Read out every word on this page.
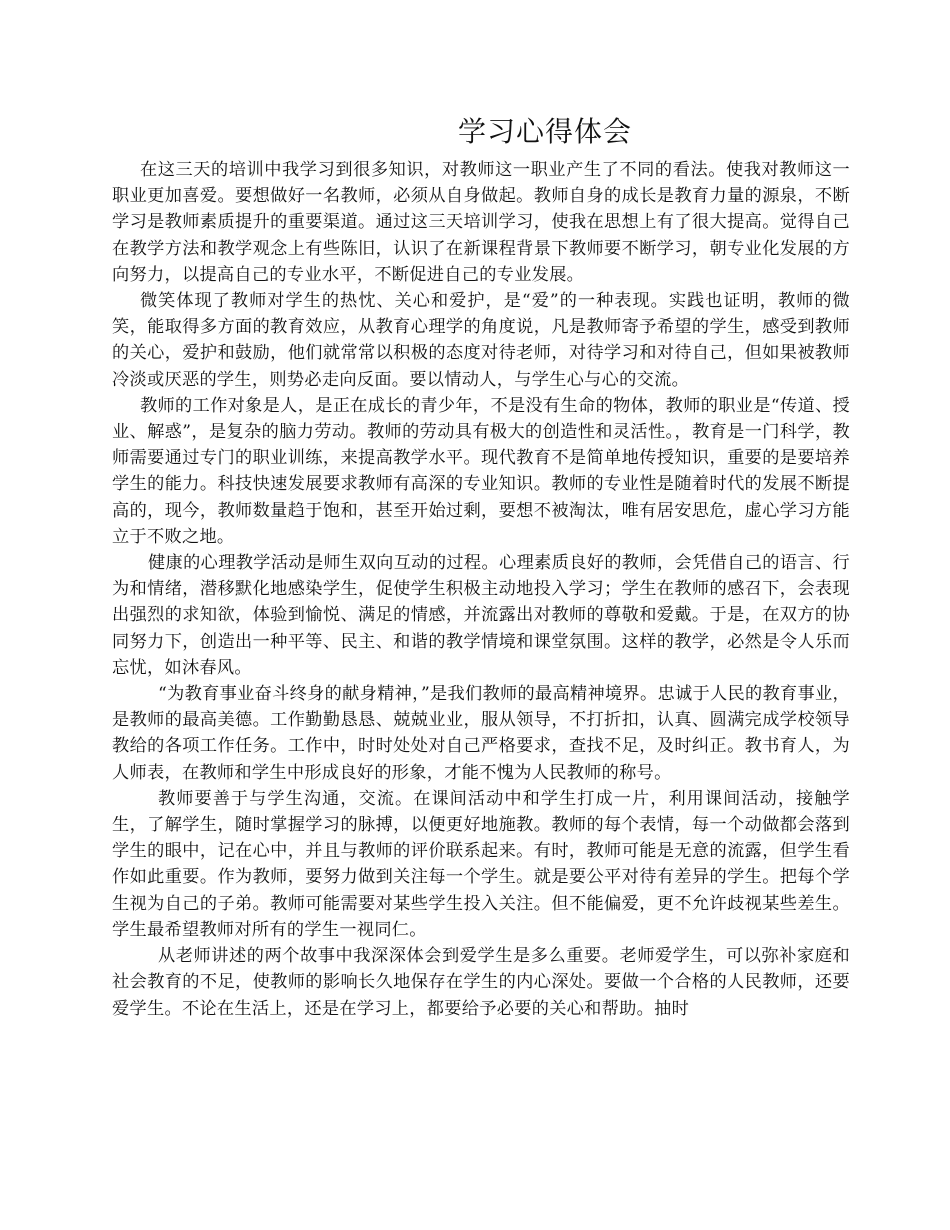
学习心得体会

在这三天的培训中我学习到很多知识，对教师这一职业产生了不同的看法。使我对教师这一职业更加喜爱。要想做好一名教师，必须从自身做起。教师自身的成长是教育力量的源泉，不断学习是教师素质提升的重要渠道。通过这三天培训学习，使我在思想上有了很大提高。觉得自己在教学方法和教学观念上有些陈旧，认识了在新课程背景下教师要不断学习，朝专业化发展的方向努力，以提高自己的专业水平，不断促进自己的专业发展。

微笑体现了教师对学生的热忱、关心和爱护，是“爱”的一种表现。实践也证明，教师的微笑，能取得多方面的教育效应，从教育心理学的角度说，凡是教师寄予希望的学生，感受到教师的关心，爱护和鼓励，他们就常常以积极的态度对待老师，对待学习和对待自己，但如果被教师冷淡或厌恶的学生，则势必走向反面。要以情动人，与学生心与心的交流。

教师的工作对象是人，是正在成长的青少年，不是没有生命的物体，教师的职业是“传道、授业、解惑”，是复杂的脑力劳动。教师的劳动具有极大的创造性和灵活性。，教育是一门科学，教师需要通过专门的职业训练，来提高教学水平。现代教育不是简单地传授知识，重要的是要培养学生的能力。科技快速发展要求教师有高深的专业知识。教师的专业性是随着时代的发展不断提高的，现今，教师数量趋于饱和，甚至开始过剩，要想不被淘汰，唯有居安思危，虚心学习方能立于不败之地。

健康的心理教学活动是师生双向互动的过程。心理素质良好的教师，会凭借自己的语言、行为和情绪，潜移默化地感染学生，促使学生积极主动地投入学习；学生在教师的感召下，会表现出强烈的求知欲，体验到愉悦、满足的情感，并流露出对教师的尊敬和爱戴。于是，在双方的协同努力下，创造出一种平等、民主、和谐的教学情境和课堂氛围。这样的教学，必然是令人乐而忘忧，如沐春风。

“为教育事业奋斗终身的献身精神，”是我们教师的最高精神境界。忠诚于人民的教育事业，是教师的最高美德。工作勤勤恳恳、兢兢业业，服从领导，不打折扣，认真、圆满完成学校领导教给的各项工作任务。工作中，时时处处对自己严格要求，查找不足，及时纠正。教书育人，为人师表，在教师和学生中形成良好的形象，才能不愧为人民教师的称号。

教师要善于与学生沟通，交流。在课间活动中和学生打成一片，利用课间活动，接触学生，了解学生，随时掌握学习的脉搏，以便更好地施教。教师的每个表情，每一个动做都会落到学生的眼中，记在心中，并且与教师的评价联系起来。有时，教师可能是无意的流露，但学生看作如此重要。作为教师，要努力做到关注每一个学生。就是要公平对待有差异的学生。把每个学生视为自己的子弟。教师可能需要对某些学生投入关注。但不能偏爱，更不允许歧视某些差生。学生最希望教师对所有的学生一视同仁。

从老师讲述的两个故事中我深深体会到爱学生是多么重要。老师爱学生，可以弥补家庭和社会教育的不足，使教师的影响长久地保存在学生的内心深处。要做一个合格的人民教师，还要爱学生。不论在生活上，还是在学习上，都要给予必要的关心和帮助。抽时
